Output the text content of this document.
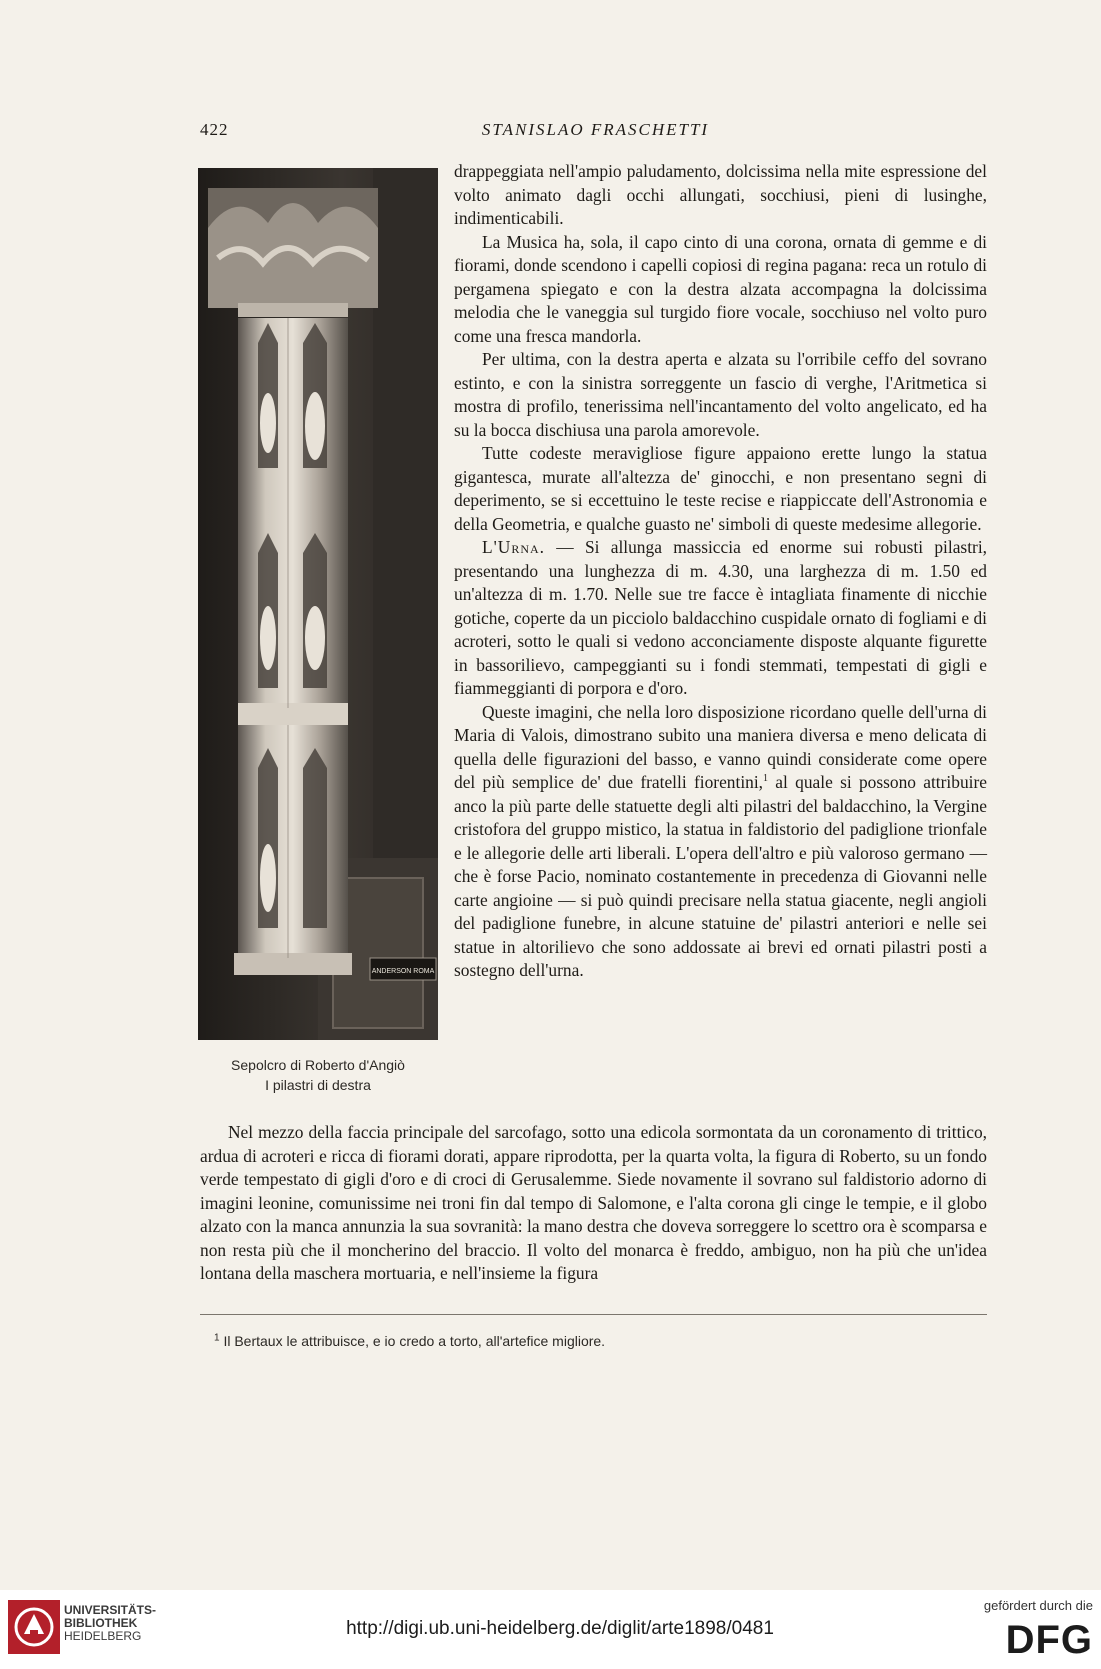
422	STANISLAO FRASCHETTI
ANDERSON ROMA
Sepolcro di Roberto d'Angiò
I pilastri di destra

drappeggiata nell'ampio paludamento, dolcissima nella mite espressione del volto animato dagli occhi allungati, socchiusi, pieni di lusinghe, indimenticabili.

La Musica ha, sola, il capo cinto di una corona, ornata di gemme e di fiorami, donde scendono i capelli copiosi di regina pagana: reca un rotulo di pergamena spiegato e con la destra alzata accompagna la dolcissima melodia che le vaneggia sul turgido fiore vocale, socchiuso nel volto puro come una fresca mandorla.

Per ultima, con la destra aperta e alzata su l'orribile ceffo del sovrano estinto, e con la sinistra sorreggente un fascio di verghe, l'Aritmetica si mostra di profilo, tenerissima nell'incantamento del volto angelicato, ed ha su la bocca dischiusa una parola amorevole.

Tutte codeste meravigliose figure appaiono erette lungo la statua gigantesca, murate all'altezza de' ginocchi, e non presentano segni di deperimento, se si eccettuino le teste recise e riappiccate dell'Astronomia e della Geometria, e qualche guasto ne' simboli di queste medesime allegorie.

L'Urna. — Si allunga massiccia ed enorme sui robusti pilastri, presentando una lunghezza di m. 4.30, una larghezza di m. 1.50 ed un'altezza di m. 1.70. Nelle sue tre facce è intagliata finamente di nicchie gotiche, coperte da un picciolo baldacchino cuspidale ornato di fogliami e di acroteri, sotto le quali si vedono acconciamente disposte alquante figurette in bassorilievo, campeggianti su i fondi stemmati, tempestati di gigli e fiammeggianti di porpora e d'oro.

Queste imagini, che nella loro disposizione ricordano quelle dell'urna di Maria di Valois, dimostrano subito una maniera diversa e meno delicata di quella delle figurazioni del basso, e vanno quindi considerate come opere del più semplice de' due fratelli fiorentini,$^1$ al quale si possono attribuire anco la più parte delle statuette degli alti pilastri del baldacchino, la Vergine cristofora del gruppo mistico, la statua in faldistorio del padiglione trionfale e le allegorie delle arti liberali. L'opera dell'altro e più valoroso germano — che è forse Pacio, nominato costantemente in precedenza di Giovanni nelle carte angioine — si può quindi precisare nella statua giacente, negli angioli del padiglione funebre, in alcune statuine de' pilastri anteriori e nelle sei statue in altorilievo che sono addossate ai brevi ed ornati pilastri posti a sostegno dell'urna.

Nel mezzo della faccia principale del sarcofago, sotto una edicola sormontata da un coronamento di trittico, ardua di acroteri e ricca di fiorami dorati, appare riprodotta, per la quarta volta, la figura di Roberto, su un fondo verde tempestato di gigli d'oro e di croci di Gerusalemme. Siede novamente il sovrano sul faldistorio adorno di imagini leonine, comunissime nei troni fin dal tempo di Salomone, e l'alta corona gli cinge le tempie, e il globo alzato con la manca annunzia la sua sovranità: la mano destra che doveva sorreggere lo scettro ora è scomparsa e non resta più che il moncherino del braccio. Il volto del monarca è freddo, ambiguo, non ha più che un'idea lontana della maschera mortuaria, e nell'insieme la figura

$^1$ Il Bertaux le attribuisce, e io credo a torto, all'artefice migliore.
UNIVERSITÄTS-
BIBLIOTHEK
HEIDELBERG	http://digi.ub.uni-heidelberg.de/diglit/arte1898/0481
gefördert durch die
DFG
